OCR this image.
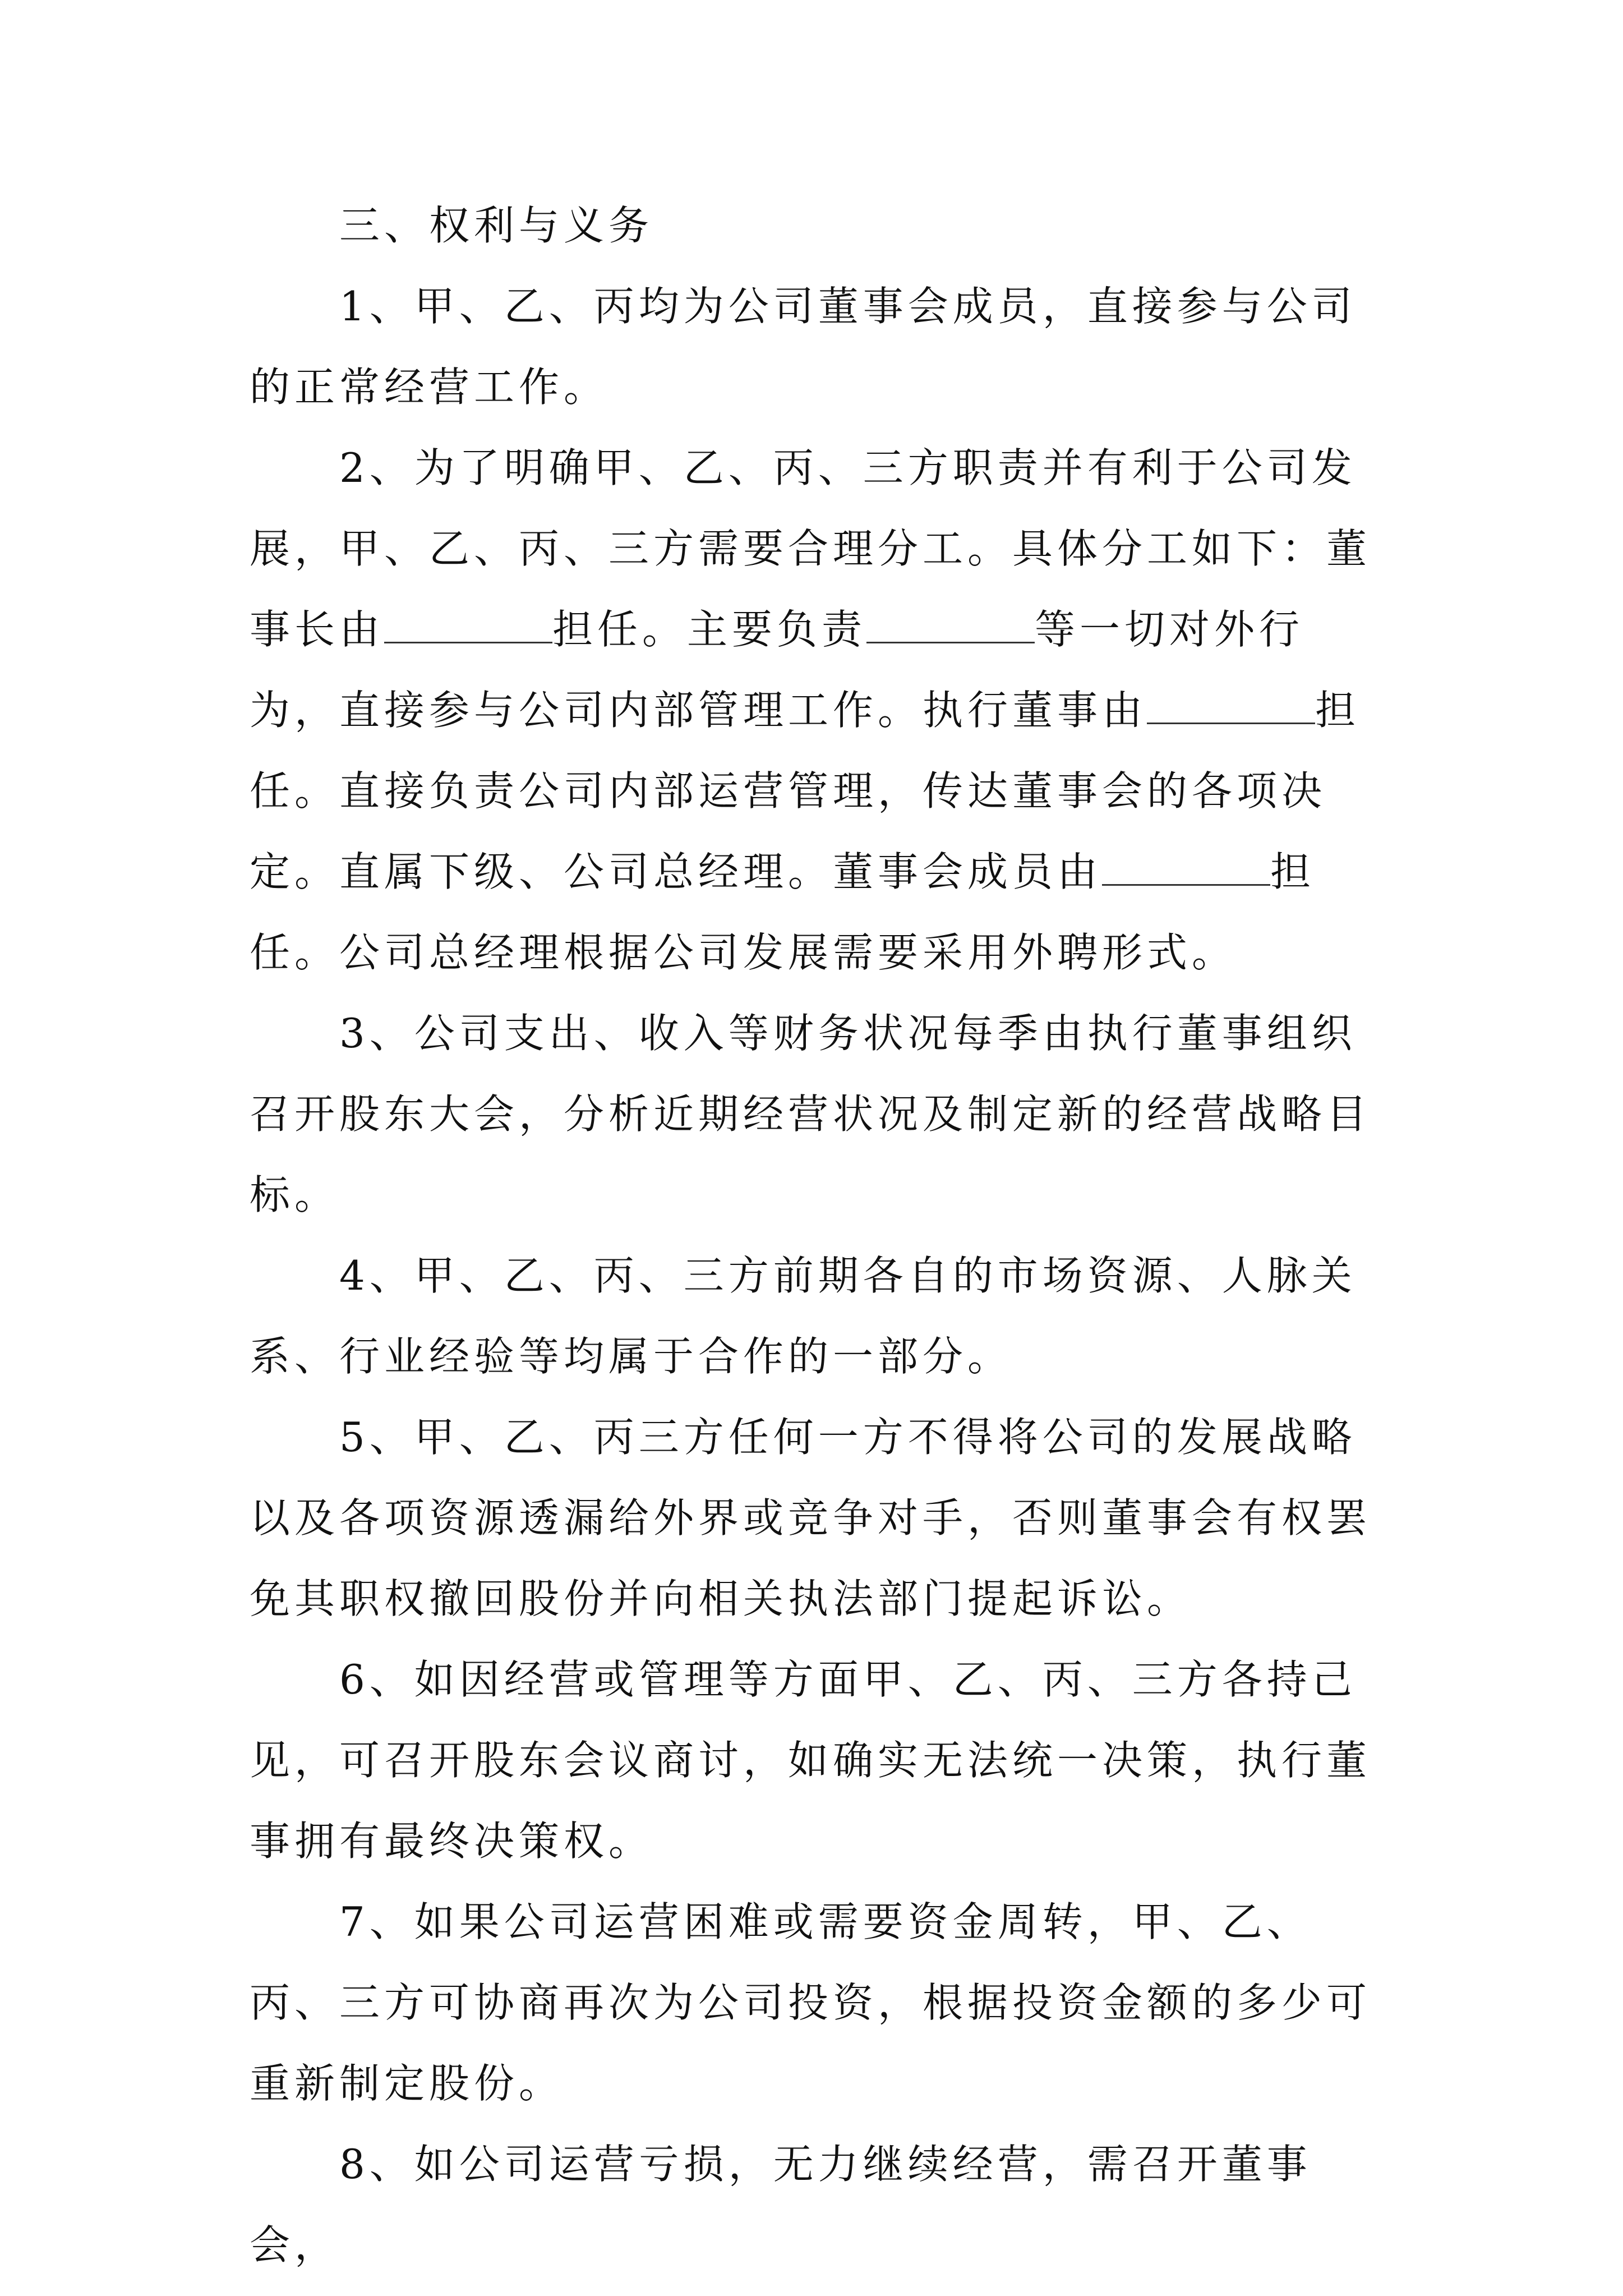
三、权利与义务

1、甲、乙、丙均为公司董事会成员，直接参与公司的正常经营工作。

2、为了明确甲、乙、丙、三方职责并有利于公司发展，甲、乙、丙、三方需要合理分工。具体分工如下：董事长由	担任。主要负责	等一切对外行为，直接参与公司内部管理工作。执行董事由	担任。直接负责公司内部运营管理，传达董事会的各项决定。直属下级、公司总经理。董事会成员由	担任。公司总经理根据公司发展需要采用外聘形式。

3、公司支出、收入等财务状况每季由执行董事组织召开股东大会，分析近期经营状况及制定新的经营战略目标。

4、甲、乙、丙、三方前期各自的市场资源、人脉关系、行业经验等均属于合作的一部分。

5、甲、乙、丙三方任何一方不得将公司的发展战略以及各项资源透漏给外界或竞争对手，否则董事会有权罢免其职权撤回股份并向相关执法部门提起诉讼。

6、如因经营或管理等方面甲、乙、丙、三方各持己见，可召开股东会议商讨，如确实无法统一决策，执行董事拥有最终决策权。

7、如果公司运营困难或需要资金周转，甲、乙、丙、三方可协商再次为公司投资，根据投资金额的多少可重新制定股份。

8、如公司运营亏损，无力继续经营，需召开董事会，
